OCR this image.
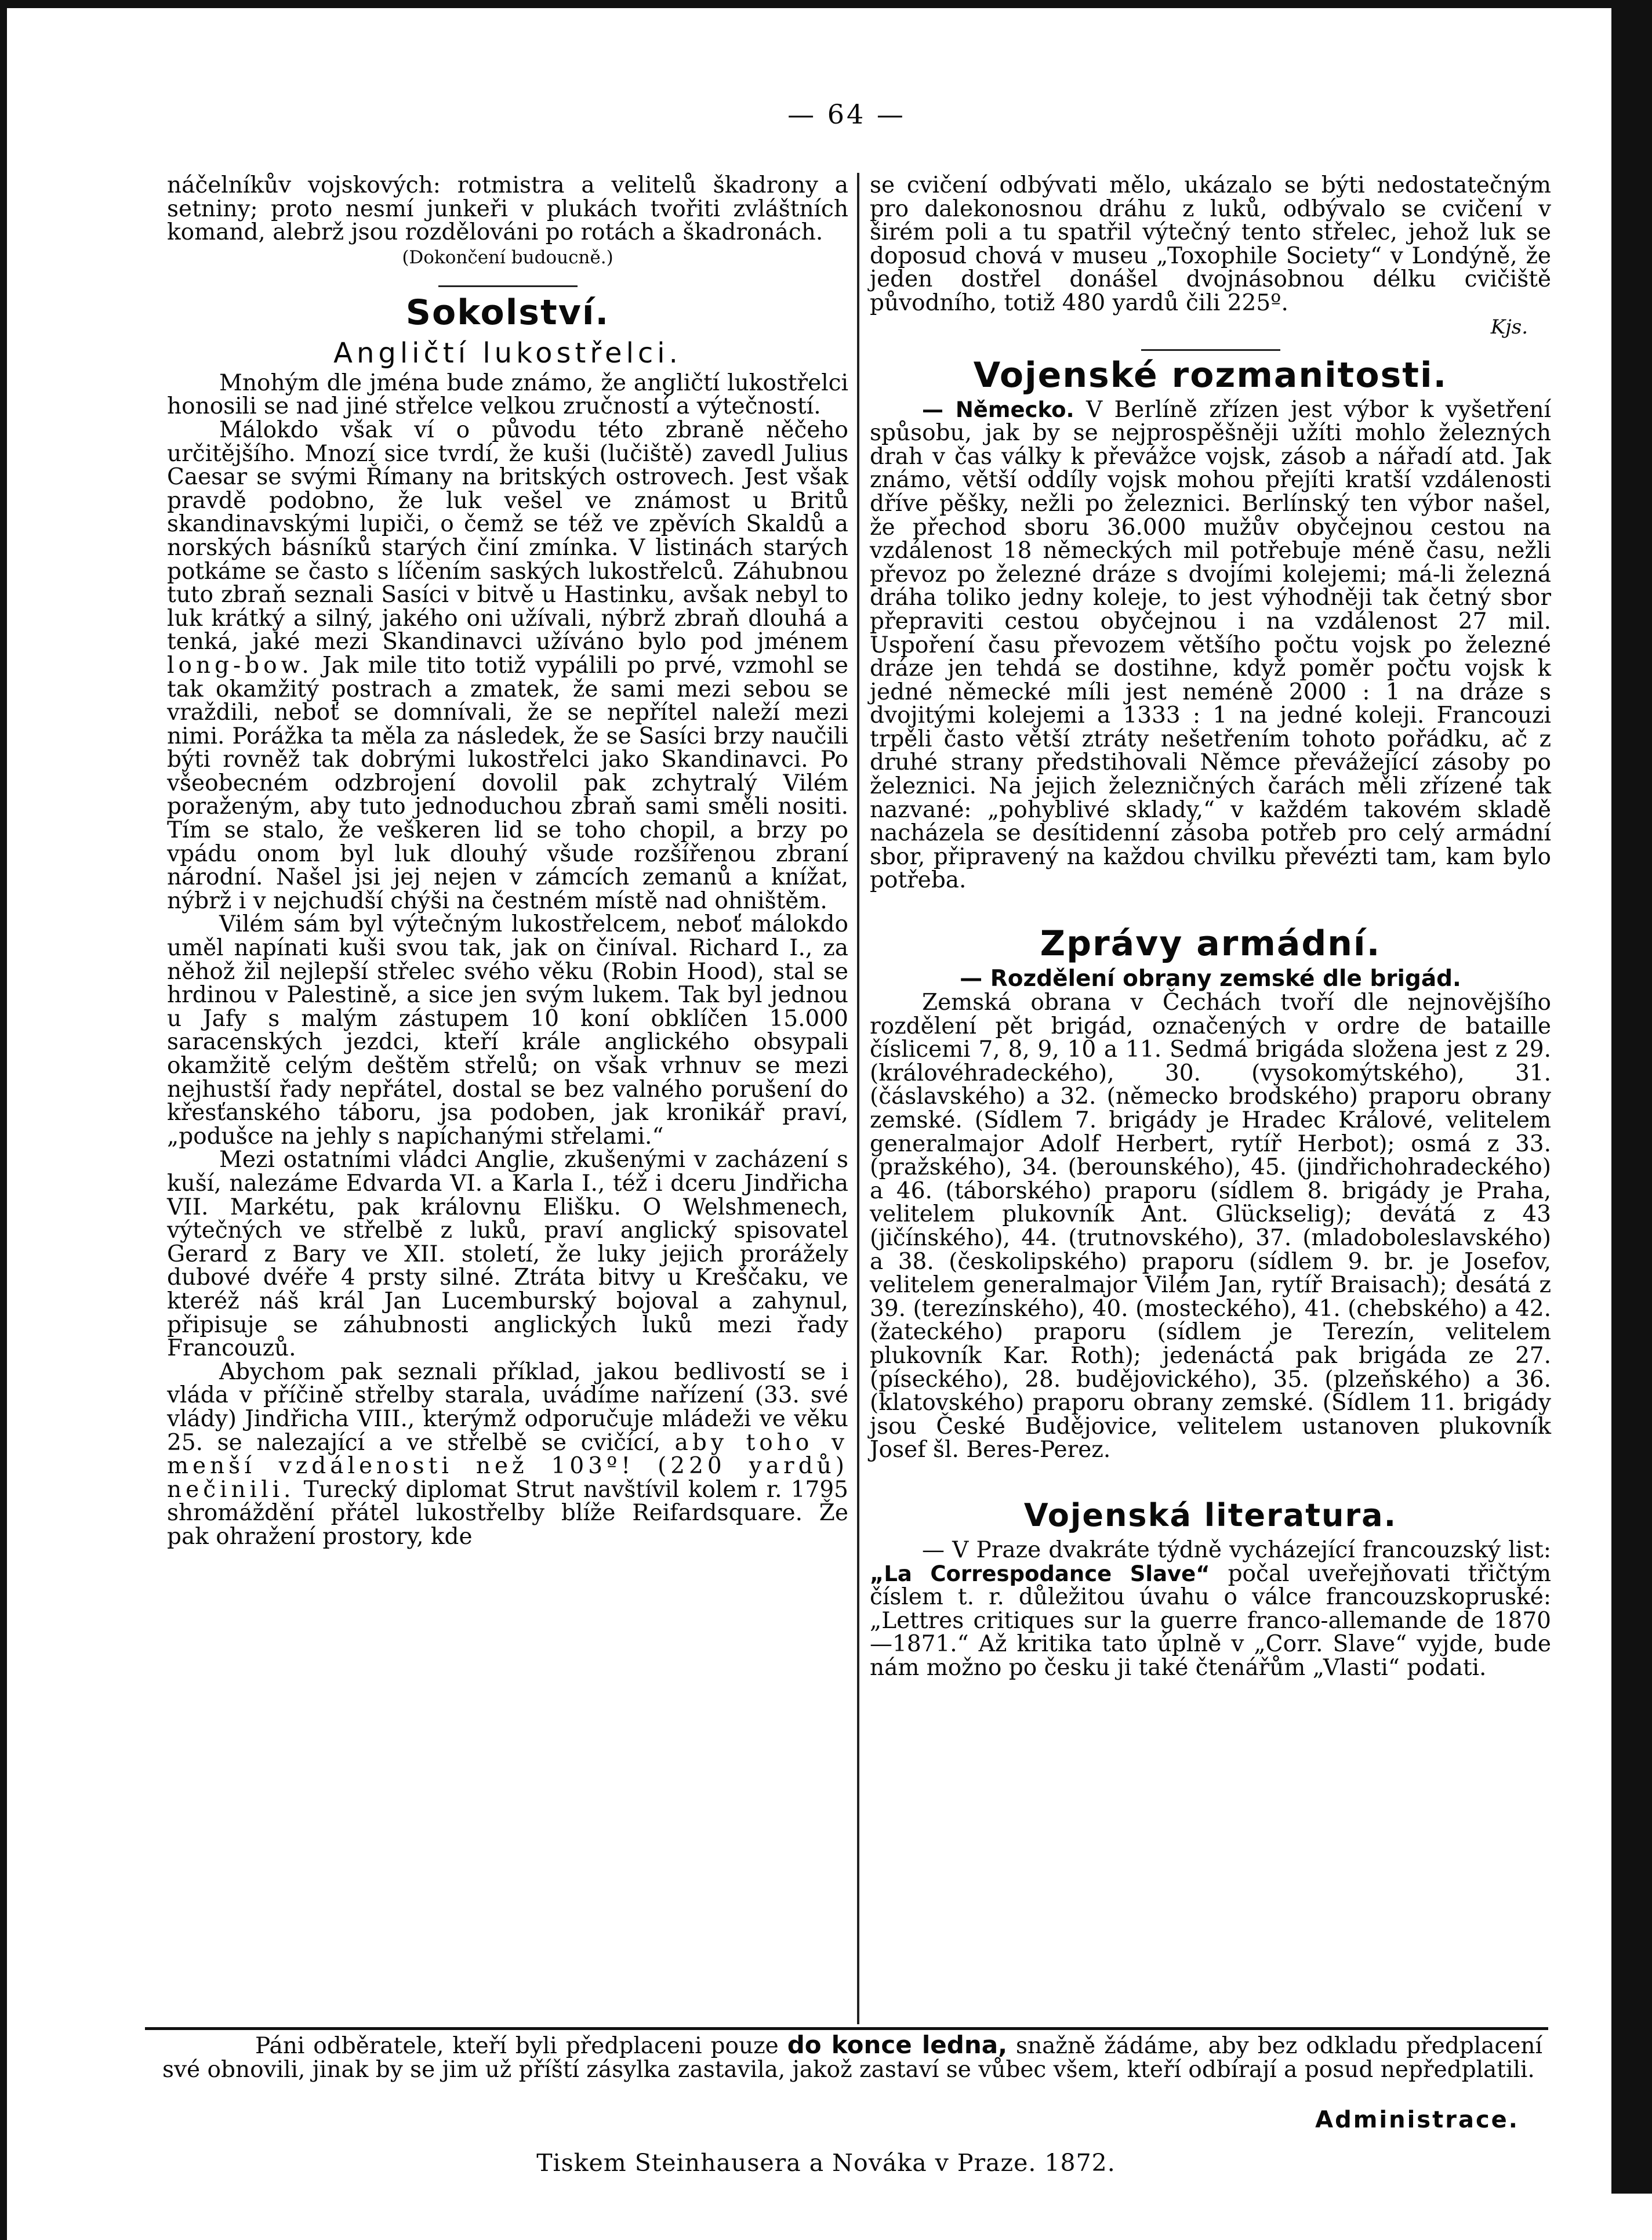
— 64 —

náčelníkův vojskových: rotmistra a velitelů škadrony a setniny; proto nesmí junkeři v plukách tvořiti zvláštních komand, alebrž jsou rozdělováni po rotách a škadronách.

(Dokončení budoucně.)
Sokolství.
Angličtí lukostřelci.

Mnohým dle jména bude známo, že angličtí lukostřelci honosili se nad jiné střelce velkou zručností a výtečností.

Málokdo však ví o původu této zbraně něčeho určitějšího. Mnozí sice tvrdí, že kuši (lučiště) zavedl Julius Caesar se svými Římany na britských ostrovech. Jest však pravdě podobno, že luk vešel ve známost u Britů skandinavskými lupiči, o čemž se též ve zpěvích Skaldů a norských básníků starých činí zmínka. V listinách starých potkáme se často s líčením saských lukostřelců. Záhubnou tuto zbraň seznali Sasíci v bitvě u Hastinku, avšak nebyl to luk krátký a silný, jakého oni užívali, nýbrž zbraň dlouhá a tenká, jaké mezi Skandinavci užíváno bylo pod jménem long-bow. Jak mile tito totiž vypálili po prvé, vzmohl se tak okamžitý postrach a zmatek, že sami mezi sebou se vraždili, neboť se domnívali, že se nepřítel naleží mezi nimi. Porážka ta měla za následek, že se Sasíci brzy naučili býti rovněž tak dobrými lukostřelci jako Skandinavci. Po všeobecném odzbrojení dovolil pak zchytralý Vilém poraženým, aby tuto jednoduchou zbraň sami směli nositi. Tím se stalo, že veškeren lid se toho chopil, a brzy po vpádu onom byl luk dlouhý všude rozšířenou zbraní národní. Našel jsi jej nejen v zámcích zemanů a knížat, nýbrž i v nejchudší chýši na čestném místě nad ohništěm.

Vilém sám byl výtečným lukostřelcem, neboť málokdo uměl napínati kuši svou tak, jak on činíval. Richard I., za něhož žil nejlepší střelec svého věku (Robin Hood), stal se hrdinou v Palestině, a sice jen svým lukem. Tak byl jednou u Jafy s malým zástupem 10 koní obklíčen 15.000 saracenských jezdci, kteří krále anglického obsypali okamžitě celým deštěm střelů; on však vrhnuv se mezi nejhustší řady nepřátel, dostal se bez valného porušení do křesťanského táboru, jsa podoben, jak kronikář praví, „podušce na jehly s napíchanými střelami.“

Mezi ostatními vládci Anglie, zkušenými v zacházení s kuší, nalezáme Edvarda VI. a Karla I., též i dceru Jindřicha VII. Markétu, pak královnu Elišku. O Welshmenech, výtečných ve střelbě z luků, praví anglický spisovatel Gerard z Bary ve XII. století, že luky jejich prorážely dubové dvéře 4 prsty silné. Ztráta bitvy u Kreščaku, ve kteréž náš král Jan Lucemburský bojoval a zahynul, připisuje se záhubnosti anglických luků mezi řady Francouzů.

Abychom pak seznali příklad, jakou bedlivostí se i vláda v příčině střelby starala, uvádíme nařízení (33. své vlády) Jindřicha VIII., kterýmž odporučuje mládeži ve věku 25. se nalezající a ve střelbě se cvičící, aby toho v menší vzdálenosti než 103º! (220 yardů) nečinili. Turecký diplomat Strut navštívil kolem r. 1795 shromáždění přátel lukostřelby blíže Reifardsquare. Že pak ohražení prostory, kde

se cvičení odbývati mělo, ukázalo se býti nedostatečným pro dalekonosnou dráhu z luků, odbývalo se cvičení v širém poli a tu spatřil výtečný tento střelec, jehož luk se doposud chová v museu „Toxophile Society“ v Londýně, že jeden dostřel donášel dvojnásobnou délku cvičiště původního, totiž 480 yardů čili 225º.

Kjs.
Vojenské rozmanitosti.

— Německo. V Berlíně zřízen jest výbor k vyšetření spůsobu, jak by se nejprospěšněji užíti mohlo železných drah v čas války k převážce vojsk, zásob a nářadí atd. Jak známo, větší oddíly vojsk mohou přejíti kratší vzdálenosti dříve pěšky, nežli po železnici. Berlínský ten výbor našel, že přechod sboru 36.000 mužův obyčejnou cestou na vzdálenost 18 německých mil potřebuje méně času, nežli převoz po železné dráze s dvojími kolejemi; má-li železná dráha toliko jedny koleje, to jest výhodněji tak četný sbor přepraviti cestou obyčejnou i na vzdálenost 27 mil. Uspoření času převozem většího počtu vojsk po železné dráze jen tehdá se dostihne, když poměr počtu vojsk k jedné německé míli jest neméně 2000 : 1 na dráze s dvojitými kolejemi a 1333 : 1 na jedné koleji. Francouzi trpěli často větší ztráty nešetřením tohoto pořádku, ač z druhé strany předstihovali Němce převážející zásoby po železnici. Na jejich železničných čarách měli zřízené tak nazvané: „pohyblivé sklady,“ v každém takovém skladě nacházela se desítidenní zásoba potřeb pro celý armádní sbor, připravený na každou chvilku převézti tam, kam bylo potřeba.

Zprávy armádní.
— Rozdělení obrany zemské dle brigád.

Zemská obrana v Čechách tvoří dle nejnovějšího rozdělení pět brigád, označených v ordre de bataille číslicemi 7, 8, 9, 10 a 11. Sedmá brigáda složena jest z 29. (královéhradeckého), 30. (vysokomýtského), 31. (čáslavského) a 32. (německo brodského) praporu obrany zemské. (Sídlem 7. brigády je Hradec Králové, velitelem generalmajor Adolf Herbert, rytíř Herbot); osmá z 33. (pražského), 34. (berounského), 45. (jindřichohradeckého) a 46. (táborského) praporu (sídlem 8. brigády je Praha, velitelem plukovník Ant. Glückselig); devátá z 43 (jičínského), 44. (trutnovského), 37. (mladoboleslavského) a 38. (českolipského) praporu (sídlem 9. br. je Josefov, velitelem generalmajor Vilém Jan, rytíř Braisach); desátá z 39. (terezínského), 40. (mosteckého), 41. (chebského) a 42. (žateckého) praporu (sídlem je Terezín, velitelem plukovník Kar. Roth); jedenáctá pak brigáda ze 27. (píseckého), 28. budějovického), 35. (plzeňského) a 36. (klatovského) praporu obrany zemské. (Sídlem 11. brigády jsou České Budějovice, velitelem ustanoven plukovník Josef šl. Beres-Perez.

Vojenská literatura.

— V Praze dvakráte týdně vycházející francouzský list: „La Correspodance Slave“ počal uveřejňovati třičtým číslem t. r. důležitou úvahu o válce francouzskopruské: „Lettres critiques sur la guerre franco-allemande de 1870—1871.“ Až kritika tato úplně v „Corr. Slave“ vyjde, bude nám možno po česku ji také čtenářům „Vlasti“ podati.

Páni odběratele, kteří byli předplaceni pouze do konce ledna, snažně žádáme, aby bez odkladu předplacení své obnovili, jinak by se jim už příští zásylka zastavila, jakož zastaví se vůbec všem, kteří odbírají a posud nepředplatili.

Administrace.
Tiskem Steinhausera a Nováka v Praze. 1872.
